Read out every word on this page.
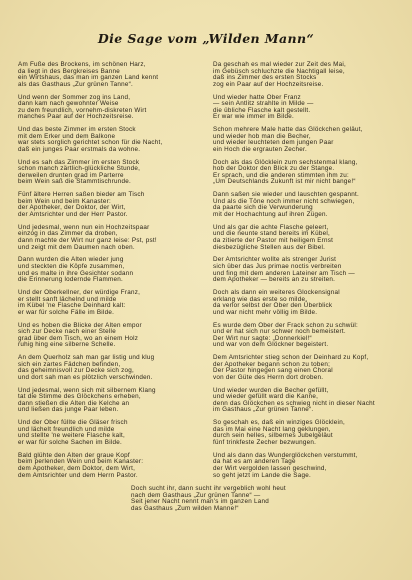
Die Sage vom „Wilden Mann“
Am Fuße des Brockens, im schönen Harz,
da liegt in des Bergkreises Banne
ein Wirtshaus, das man im ganzen Land kennt
als das Gasthaus „Zur grünen Tanne“.
Und wenn der Sommer zog ins Land,
dann kam nach gewohnter Weise
zu dem freundlich, vornehm-diskreten Wirt
manches Paar auf der Hochzeitsreise.
Und das beste Zimmer im ersten Stock
mit dem Erker und dem Balkone
war stets sorglich gerichtet schon für die Nacht,
daß ein junges Paar erstmals da wohne.
Und es sah das Zimmer im ersten Stock
schon manch zärtlich-glückliche Stunde,
derweilen drunten grad im Parterre
beim Wein saß die Stammtischrunde.
Fünf ältere Herren saßen bieder am Tisch
beim Wein und beim Kanaster:
der Apotheker, der Doktor, der Wirt,
der Amtsrichter und der Herr Pastor.
Und jedesmal, wenn nun ein Hochzeitspaar
einzog in das Zimmer da droben,
dann machte der Wirt nur ganz leise: Pst, pst!
und zeigt mit dem Daumen nach oben.
Dann wurden die Alten wieder jung
und steckten die Köpfe zusammen,
und es malte in ihre Gesichter sodann
die Erinnerung lodernde Flammen.
Und der Oberkellner, der würdige Franz,
er stellt sanft lächelnd und milde
im Kübel 'ne Flasche Deinhard kalt:
er war für solche Fälle im Bilde.
Und es hoben die Blicke der Alten empor
sich zur Decke nach einer Stelle
grad über dem Tisch, wo an einem Holz
ruhig hing eine silberne Schelle.
An dem Querholz sah man gar listig und klug
sich ein zartes Fädchen befinden,
das geheimnisvoll zur Decke sich zog,
und dort sah man es plötzlich verschwinden.
Und jedesmal, wenn sich mit silbernem Klang
tat die Stimme des Glöckchens erheben,
dann stießen die Alten die Kelche an
und ließen das junge Paar leben.
Und der Ober füllte die Gläser frisch
und lächelt freundlich und milde
und stellte 'ne weitere Flasche kalt,
er war für solche Sachen im Bilde.
Bald glühte den Alten der graue Kopf
beim perlenden Wein und beim Kanaster:
dem Apotheker, dem Doktor, dem Wirt,
dem Amtsrichter und dem Herrn Pastor.
Da geschah es mal wieder zur Zeit des Mai,
im Gebüsch schluchzte die Nachtigall leise,
daß ins Zimmer des ersten Stocks
zog ein Paar auf der Hochzeitsreise.
Und wieder hatte Ober Franz
— sein Antlitz strahlte in Milde —
die übliche Flasche kalt gestellt.
Er war wie immer im Bilde.
Schon mehrere Male hatte das Glöckchen geläut,
und wieder hob man die Becher,
und wieder leuchteten dem jungen Paar
ein Hoch die ergrauten Zecher.
Doch als das Glöcklein zum sechstenmal klang,
hob der Doktor den Blick zu der Stange.
Er sprach, und die anderen stimmten ihm zu:
„Um Deutschlands Zukunft ist mir nicht bange!“
Dann saßen sie wieder und lauschten gespannt.
Und als die Töne noch immer nicht schwiegen,
da paarte sich die Verwunderung
mit der Hochachtung auf ihren Zügen.
Und als gar die achte Flasche geleert,
und die neunte stand bereits im Kübel,
da zitierte der Pastor mit heiligem Ernst
diesbezügliche Stellen aus der Bibel.
Der Amtsrichter wollte als strenger Jurist
sich über das Jus primae noctis verbreiten
und fing mit dem anderen Lateiner am Tisch —
dem Apotheker — bereits an zu streiten.
Doch als dann ein weiteres Glockensignal
erklang wie das erste so milde,
da verlor selbst der Ober den Überblick
und war nicht mehr völlig im Bilde.
Es wurde dem Ober der Frack schon zu schwül:
und er hat sich nur schwer noch bemeistert.
Der Wirt nur sagte: „Donnerkiel!“
und war von dem Glöckner begeistert.
Dem Amtsrichter stieg schon der Deinhard zu Kopf,
der Apotheker begann schon zu toben;
Der Pastor hingegen sang einen Choral
von der Güte des Herrn dort droben.
Und wieder wurden die Becher gefüllt,
und wieder gefüllt ward die Kanne,
denn das Glöckchen es schwieg nicht in dieser Nacht
im Gasthaus „Zur grünen Tanne“.
So geschah es, daß ein winziges Glöcklein,
das im Mai eine Nacht lang geklungen,
durch sein helles, silbernes Jubelgeläut
fünf trinkfeste Zecher bezwungen.
Und als dann das Wunderglöckchen verstummt,
da hat es am anderen Tage
der Wirt vergolden lassen geschwind,
so geht jetzt im Lande die Sage.
Doch sucht ihr, dann sucht ihr vergeblich wohl heut
nach dem Gasthaus „Zur grünen Tanne“ —
Seit jener Nacht nennt man's im ganzen Land
das Gasthaus „Zum wilden Manne!“
